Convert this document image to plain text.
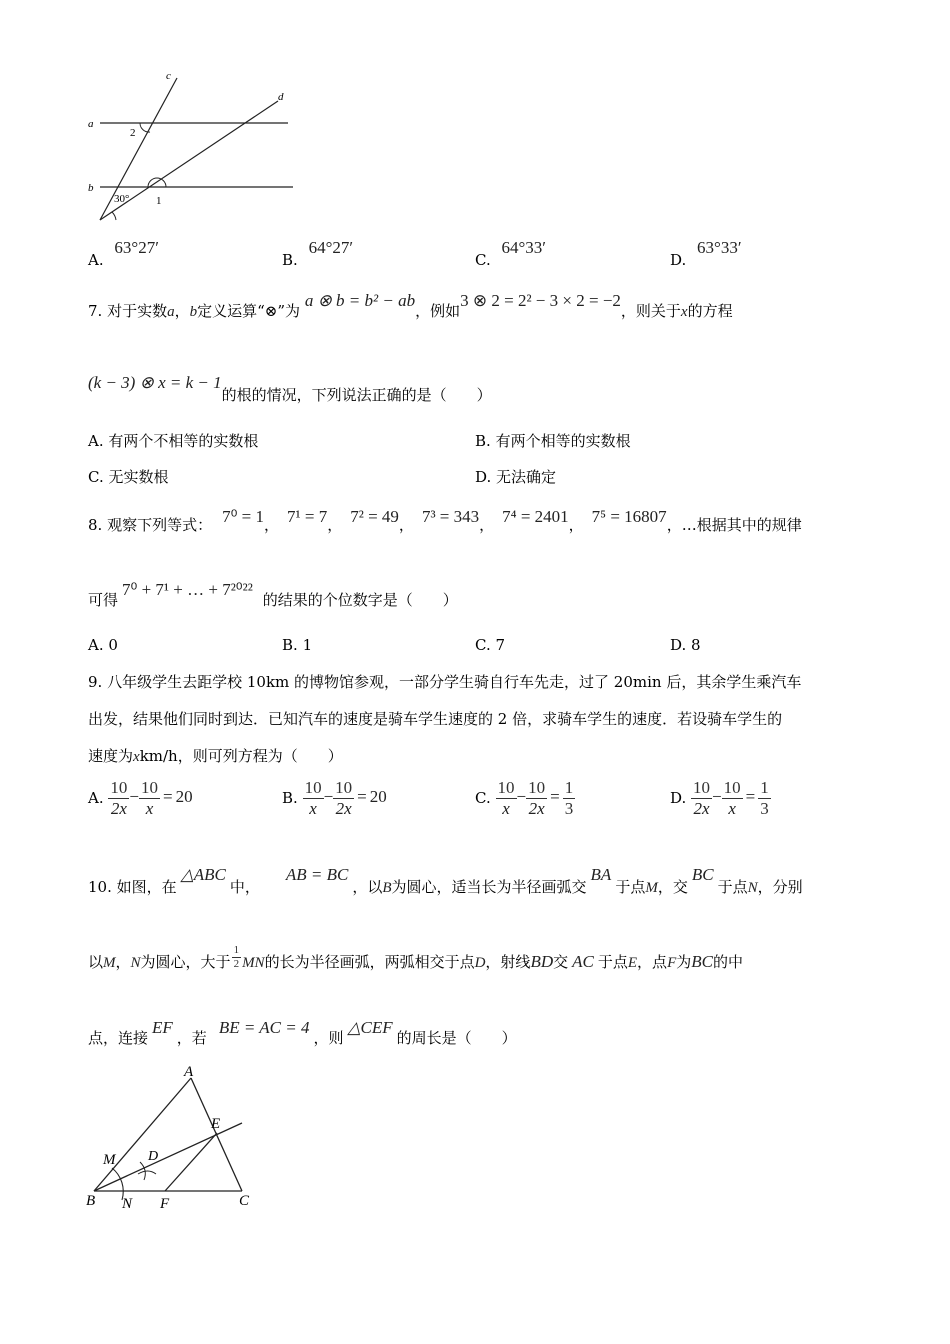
a
b
c
d
2
1
30°
A. 63°27′
B. 64°27′
C. 64°33′
D. 63°33′
7. 对于实数a，b定义运算“⊗”为 a ⊗ b = b² − ab，例如3 ⊗ 2 = 2² − 3 × 2 = −2，则关于x的方程
(k − 3) ⊗ x = k − 1的根的情况，下列说法正确的是（　　）
A. 有两个不相等的实数根	B. 有两个相等的实数根
C. 无实数根	D. 无法确定
8. 观察下列等式： 7⁰ = 1， 7¹ = 7， 7² = 49， 7³ = 343， 7⁴ = 2401， 7⁵ = 16807，…根据其中的规律
可得7⁰ + 7¹ + … + 7²⁰²²的结果的个位数字是（　　）
A. 0	B. 1	C. 7	D. 8
9. 八年级学生去距学校 10km 的博物馆参观，一部分学生骑自行车先走，过了 20min 后，其余学生乘汽车
出发，结果他们同时到达．已知汽车的速度是骑车学生速度的 2 倍，求骑车学生的速度．若设骑车学生的
速度为xkm/h，则可列方程为（　　）
A. $\frac{10}{2x} - \frac{10}{x} = 20$	B. $\frac{10}{x} - \frac{10}{2x} = 20$	C. $\frac{10}{x} - \frac{10}{2x} = \frac{1}{3}$	D. $\frac{10}{2x} - \frac{10}{x} = \frac{1}{3}$
10. 如图，在△ABC中，AB = BC，以B为圆心，适当长为半径画弧交BA于点M，交BC于点N，分别
以M，N为圆心，大于 $\frac{1}{2}$ MN的长为半径画弧，两弧相交于点D，射线BD交 AC 于点E，点F为BC的中
点，连接EF，若BE = AC = 4，则△CEF的周长是（　　）
A
B	C
D
E
F
M
N
